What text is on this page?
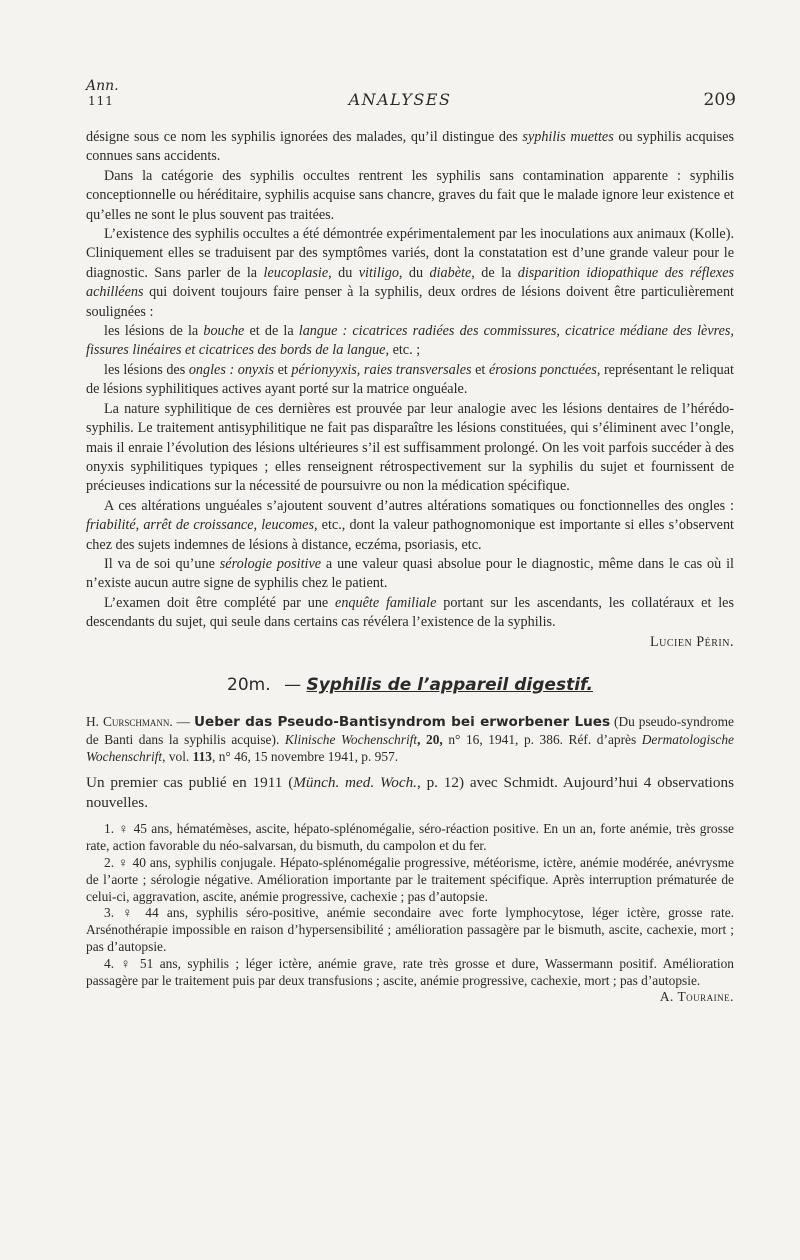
Ann.
111	ANALYSES	209

désigne sous ce nom les syphilis ignorées des malades, qu’il distingue des syphilis muettes ou syphilis acquises connues sans accidents.

Dans la catégorie des syphilis occultes rentrent les syphilis sans contamination apparente : syphilis conceptionnelle ou héréditaire, syphilis acquise sans chancre, graves du fait que le malade ignore leur existence et qu’elles ne sont le plus souvent pas traitées.

L’existence des syphilis occultes a été démontrée expérimentalement par les inoculations aux animaux (Kolle). Cliniquement elles se traduisent par des symptômes variés, dont la constatation est d’une grande valeur pour le diagnostic. Sans parler de la leucoplasie, du vitiligo, du diabète, de la disparition idiopathique des réflexes achilléens qui doivent toujours faire penser à la syphilis, deux ordres de lésions doivent être particulièrement soulignées :

les lésions de la bouche et de la langue : cicatrices radiées des commissures, cicatrice médiane des lèvres, fissures linéaires et cicatrices des bords de la langue, etc. ;

les lésions des ongles : onyxis et périonyyxis, raies transversales et érosions ponctuées, représentant le reliquat de lésions syphilitiques actives ayant porté sur la matrice onguéale.

La nature syphilitique de ces dernières est prouvée par leur analogie avec les lésions dentaires de l’hérédo-syphilis. Le traitement antisyphilitique ne fait pas disparaître les lésions constituées, qui s’éliminent avec l’ongle, mais il enraie l’évolution des lésions ultérieures s’il est suffisamment prolongé. On les voit parfois succéder à des onyxis syphilitiques typiques ; elles renseignent rétrospectivement sur la syphilis du sujet et fournissent de précieuses indications sur la nécessité de poursuivre ou non la médication spécifique.

A ces altérations unguéales s’ajoutent souvent d’autres altérations somatiques ou fonctionnelles des ongles : friabilité, arrêt de croissance, leucomes, etc., dont la valeur pathognomonique est importante si elles s’observent chez des sujets indemnes de lésions à distance, eczéma, psoriasis, etc.

Il va de soi qu’une sérologie positive a une valeur quasi absolue pour le diagnostic, même dans le cas où il n’existe aucun autre signe de syphilis chez le patient.

L’examen doit être complété par une enquête familiale portant sur les ascendants, les collatéraux et les descendants du sujet, qui seule dans certains cas révélera l’existence de la syphilis.
Lucien Périn.

20m. — Syphilis de l’appareil digestif.

H. Curschmann. — Ueber das Pseudo-Bantisyndrom bei erworbener Lues (Du pseudo-syndrome de Banti dans la syphilis acquise). Klinische Wochenschrift, 20, n° 16, 1941, p. 386. Réf. d’après Dermatologische Wochenschrift, vol. 113, n° 46, 15 novembre 1941, p. 957.

Un premier cas publié en 1911 (Münch. med. Woch., p. 12) avec Schmidt. Aujourd’hui 4 observations nouvelles.

1. ♀ 45 ans, hématémèses, ascite, hépato-splénomégalie, séro-réaction positive. En un an, forte anémie, très grosse rate, action favorable du néo-salvarsan, du bismuth, du campolon et du fer.

2. ♀ 40 ans, syphilis conjugale. Hépato-splénomégalie progressive, météorisme, ictère, anémie modérée, anévrysme de l’aorte ; sérologie négative. Amélioration importante par le traitement spécifique. Après interruption prématurée de celui-ci, aggravation, ascite, anémie progressive, cachexie ; pas d’autopsie.

3. ♀ 44 ans, syphilis séro-positive, anémie secondaire avec forte lymphocytose, léger ictère, grosse rate. Arsénothérapie impossible en raison d’hypersensibilité ; amélioration passagère par le bismuth, ascite, cachexie, mort ; pas d’autopsie.

4. ♀ 51 ans, syphilis ; léger ictère, anémie grave, rate très grosse et dure, Wassermann positif. Amélioration passagère par le traitement puis par deux transfusions ; ascite, anémie progressive, cachexie, mort ; pas d’autopsie.
A. Touraine.
